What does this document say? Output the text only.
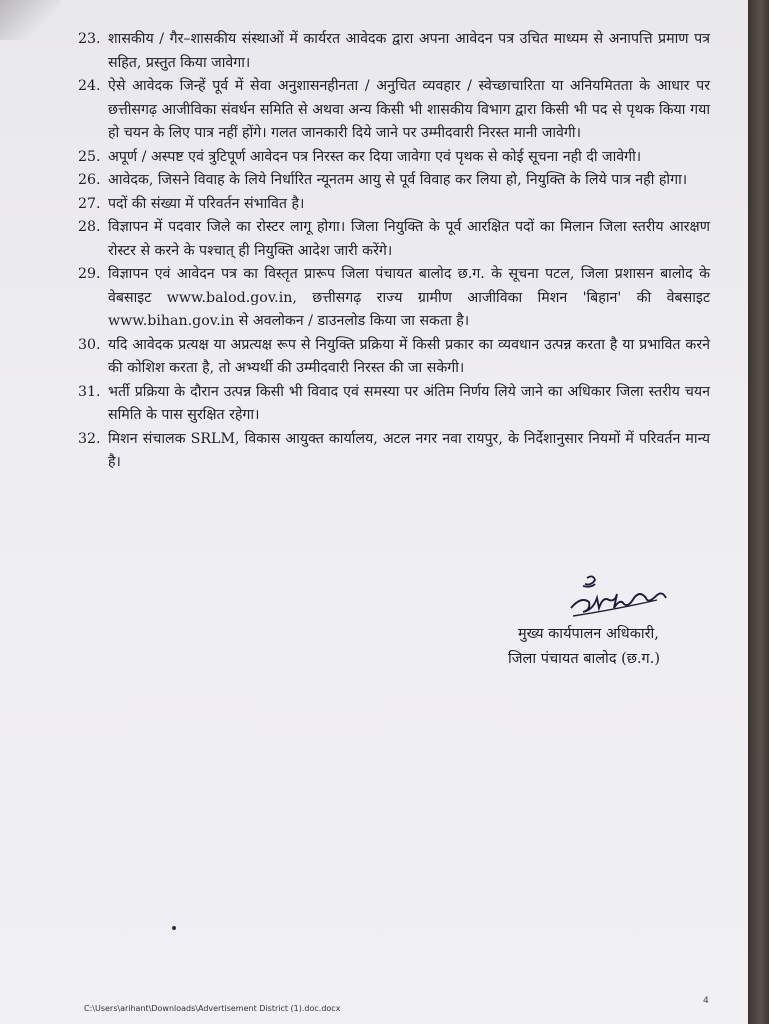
23. शासकीय / गैर–शासकीय संस्थाओं में कार्यरत आवेदक द्वारा अपना आवेदन पत्र उचित माध्यम से अनापत्ति प्रमाण पत्र सहित, प्रस्तुत किया जावेगा।
24. ऐसे आवेदक जिन्हें पूर्व में सेवा अनुशासनहीनता / अनुचित व्यवहार / स्वेच्छाचारिता या अनियमितता के आधार पर छत्तीसगढ़ आजीविका संवर्धन समिति से अथवा अन्य किसी भी शासकीय विभाग द्वारा किसी भी पद से पृथक किया गया हो चयन के लिए पात्र नहीं होंगे। गलत जानकारी दिये जाने पर उम्मीदवारी निरस्त मानी जावेगी।
25. अपूर्ण / अस्पष्ट एवं त्रुटिपूर्ण आवेदन पत्र निरस्त कर दिया जावेगा एवं पृथक से कोई सूचना नही दी जावेगी।
26. आवेदक, जिसने विवाह के लिये निर्धारित न्यूनतम आयु से पूर्व विवाह कर लिया हो, नियुक्ति के लिये पात्र नही होगा।
27. पदों की संख्या में परिवर्तन संभावित है।
28. विज्ञापन में पदवार जिले का रोस्टर लागू होगा। जिला नियुक्ति के पूर्व आरक्षित पदों का मिलान जिला स्तरीय आरक्षण रोस्टर से करने के पश्चात् ही नियुक्ति आदेश जारी करेंगे।
29. विज्ञापन एवं आवेदन पत्र का विस्तृत प्रारूप जिला पंचायत बालोद छ.ग. के सूचना पटल, जिला प्रशासन बालोद के वेबसाइट www.balod.gov.in, छत्तीसगढ़ राज्य ग्रामीण आजीविका मिशन 'बिहान' की वेबसाइट www.bihan.gov.in से अवलोकन / डाउनलोड किया जा सकता है।
30. यदि आवेदक प्रत्यक्ष या अप्रत्यक्ष रूप से नियुक्ति प्रक्रिया में किसी प्रकार का व्यवधान उत्पन्न करता है या प्रभावित करने की कोशिश करता है, तो अभ्यर्थी की उम्मीदवारी निरस्त की जा सकेगी।
31. भर्ती प्रक्रिया के दौरान उत्पन्न किसी भी विवाद एवं समस्या पर अंतिम निर्णय लिये जाने का अधिकार जिला स्तरीय चयन समिति के पास सुरक्षित रहेगा।
32. मिशन संचालक SRLM, विकास आयुक्त कार्यालय, अटल नगर नवा रायपुर, के निर्देशानुसार नियमों में परिवर्तन मान्य है।
मुख्य कार्यपालन अधिकारी,
जिला पंचायत बालोद (छ.ग.)
C:\Users\arihant\Downloads\Advertisement District (1).doc.docx
4
